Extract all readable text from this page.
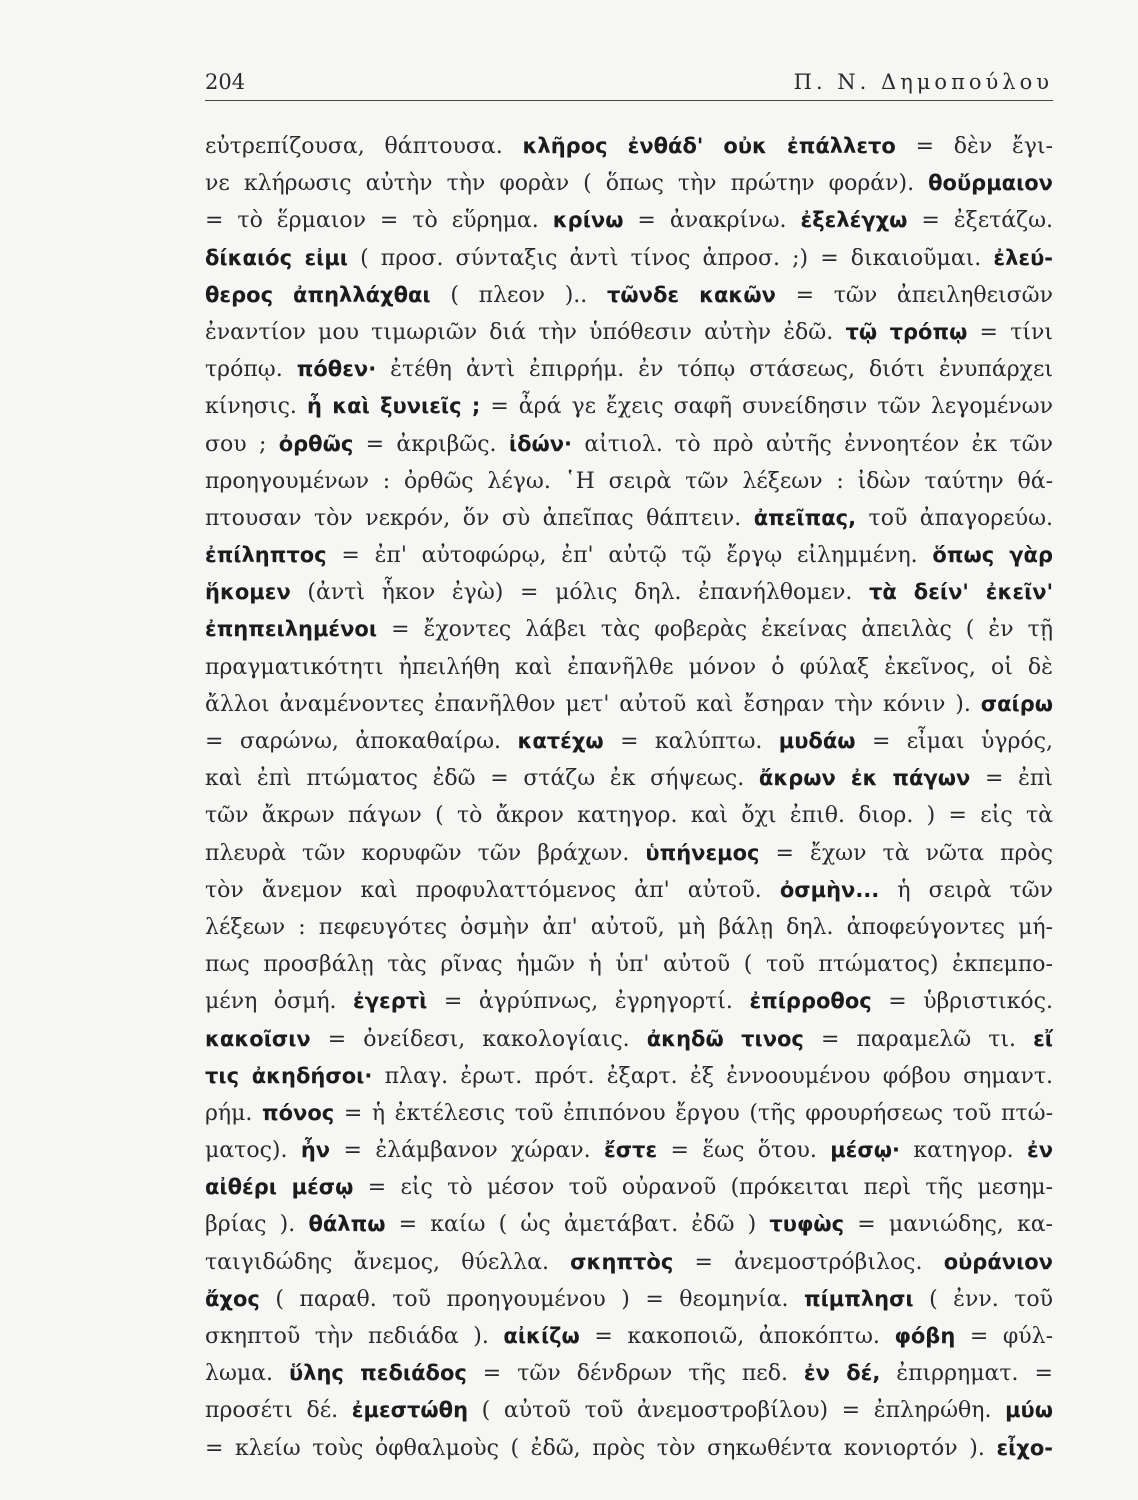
204	Π. Ν. Δημοπούλου
εὐτρεπίζουσα, θάπτουσα. κλῆρος ἐνθάδ' οὐκ ἐπάλλετο = δὲν ἔγι-
νε κλήρωσις αὐτὴν τὴν φορὰν ( ὅπως τὴν πρώτην φοράν). θοὔρμαιον
= τὸ ἕρμαιον = τὸ εὕρημα. κρίνω = ἀνακρίνω. ἐξελέγχω = ἐξετάζω.
δίκαιός εἰμι ( προσ. σύνταξις ἀντὶ τίνος ἀπροσ. ;) = δικαιοῦμαι. ἐλεύ-
θερος ἀπηλλάχθαι ( πλεον ).. τῶνδε κακῶν = τῶν ἀπειληθεισῶν
ἐναντίον μου τιμωριῶν διά τὴν ὑπόθεσιν αὐτὴν ἐδῶ. τῷ τρόπῳ = τίνι
τρόπῳ. πόθεν· ἐτέθη ἀντὶ ἐπιρρήμ. ἐν τόπῳ στάσεως, διότι ἐνυπάρχει
κίνησις. ἦ καὶ ξυνιεῖς ; = ἆρά γε ἔχεις σαφῆ συνείδησιν τῶν λεγομένων
σου ; ὀρθῶς = ἀκριβῶς. ἰδών· αἰτιολ. τὸ πρὸ αὐτῆς ἐννοητέον ἐκ τῶν
προηγουμένων : ὀρθῶς λέγω. ῾Η σειρὰ τῶν λέξεων : ἰδὼν ταύτην θά-
πτουσαν τὸν νεκρόν, ὅν σὺ ἀπεῖπας θάπτειν. ἀπεῖπας, τοῦ ἀπαγορεύω.
ἐπίληπτος = ἐπ' αὐτοφώρῳ, ἐπ' αὐτῷ τῷ ἔργῳ εἰλημμένη. ὅπως γὰρ
ἥκομεν (ἀντὶ ἧκον ἐγὼ) = μόλις δηλ. ἐπανήλθομεν. τὰ δείν' ἐκεῖν'
ἐπηπειλημένοι = ἔχοντες λάβει τὰς φοβερὰς ἐκείνας ἀπειλὰς ( ἐν τῇ
πραγματικότητι ἠπειλήθη καὶ ἐπανῆλθε μόνον ὁ φύλαξ ἐκεῖνος, οἱ δὲ
ἄλλοι ἀναμένοντες ἐπανῆλθον μετ' αὐτοῦ καὶ ἔσηραν τὴν κόνιν ). σαίρω
= σαρώνω, ἀποκαθαίρω. κατέχω = καλύπτω. μυδάω = εἶμαι ὑγρός,
καὶ ἐπὶ πτώματος ἐδῶ = στάζω ἐκ σήψεως. ἄκρων ἐκ πάγων = ἐπὶ
τῶν ἄκρων πάγων ( τὸ ἄκρον κατηγορ. καὶ ὄχι ἐπιθ. διορ. ) = εἰς τὰ
πλευρὰ τῶν κορυφῶν τῶν βράχων. ὑπήνεμος = ἔχων τὰ νῶτα πρὸς
τὸν ἄνεμον καὶ προφυλαττόμενος ἀπ' αὐτοῦ. ὀσμὴν... ἡ σειρὰ τῶν
λέξεων : πεφευγότες ὀσμὴν ἀπ' αὐτοῦ, μὴ βάλῃ δηλ. ἀποφεύγοντες μή-
πως προσβάλῃ τὰς ρῖνας ἡμῶν ἡ ὑπ' αὐτοῦ ( τοῦ πτώματος) ἐκπεμπο-
μένη ὀσμή. ἐγερτὶ = ἀγρύπνως, ἐγρηγορτί. ἐπίρροθος = ὑβριστικός.
κακοῖσιν = ὀνείδεσι, κακολογίαις. ἀκηδῶ τινος = παραμελῶ τι. εἴ
τις ἀκηδήσοι· πλαγ. ἐρωτ. πρότ. ἐξαρτ. ἐξ ἐννοουμένου φόβου σημαντ.
ρήμ. πόνος = ἡ ἐκτέλεσις τοῦ ἐπιπόνου ἔργου (τῆς φρουρήσεως τοῦ πτώ-
ματος). ἦν = ἐλάμβανον χώραν. ἔστε = ἕως ὅτου. μέσῳ· κατηγορ. ἐν
αἰθέρι μέσῳ = εἰς τὸ μέσον τοῦ οὐρανοῦ (πρόκειται περὶ τῆς μεσημ-
βρίας ). θάλπω = καίω ( ὡς ἀμετάβατ. ἐδῶ ) τυφὼς = μανιώδης, κα-
ταιγιδώδης ἄνεμος, θύελλα. σκηπτὸς = ἀνεμοστρόβιλος. οὐράνιον
ἄχος ( παραθ. τοῦ προηγουμένου ) = θεομηνία. πίμπλησι ( ἐνν. τοῦ
σκηπτοῦ τὴν πεδιάδα ). αἰκίζω = κακοποιῶ, ἀποκόπτω. φόβη = φύλ-
λωμα. ὕλης πεδιάδος = τῶν δένδρων τῆς πεδ. ἐν δέ, ἐπιρρηματ. =
προσέτι δέ. ἐμεστώθη ( αὐτοῦ τοῦ ἀνεμοστροβίλου) = ἐπληρώθη. μύω
= κλείω τοὺς ὀφθαλμοὺς ( ἐδῶ, πρὸς τὸν σηκωθέντα κονιορτόν ). εἶχο-
